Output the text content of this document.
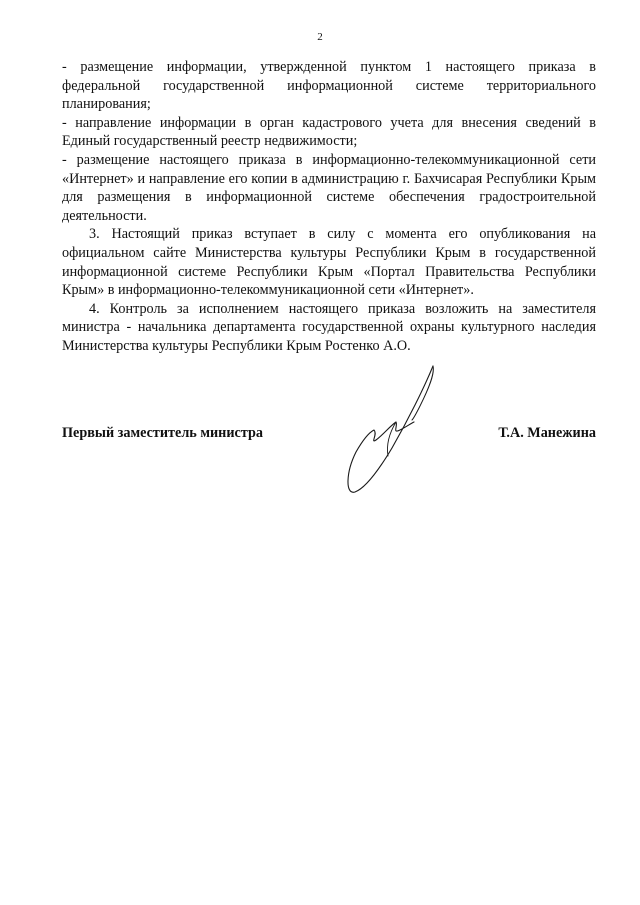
2

- размещение информации, утвержденной пунктом 1 настоящего приказа в федеральной государственной информационной системе территориального планирования;

- направление информации в орган кадастрового учета для внесения сведений в Единый государственный реестр недвижимости;

- размещение настоящего приказа в информационно-телекоммуникационной сети «Интернет» и направление его копии в администрацию г. Бахчисарая Республики Крым для размещения в информационной системе обеспечения градостроительной деятельности.

3. Настоящий приказ вступает в силу с момента его опубликования на официальном сайте Министерства культуры Республики Крым в государственной информационной системе Республики Крым «Портал Правительства Республики Крым» в информационно-телекоммуникационной сети «Интернет».

4. Контроль за исполнением настоящего приказа возложить на заместителя министра - начальника департамента государственной охраны культурного наследия Министерства культуры Республики Крым Ростенко А.О.

Первый заместитель министра	Т.А. Манежина
